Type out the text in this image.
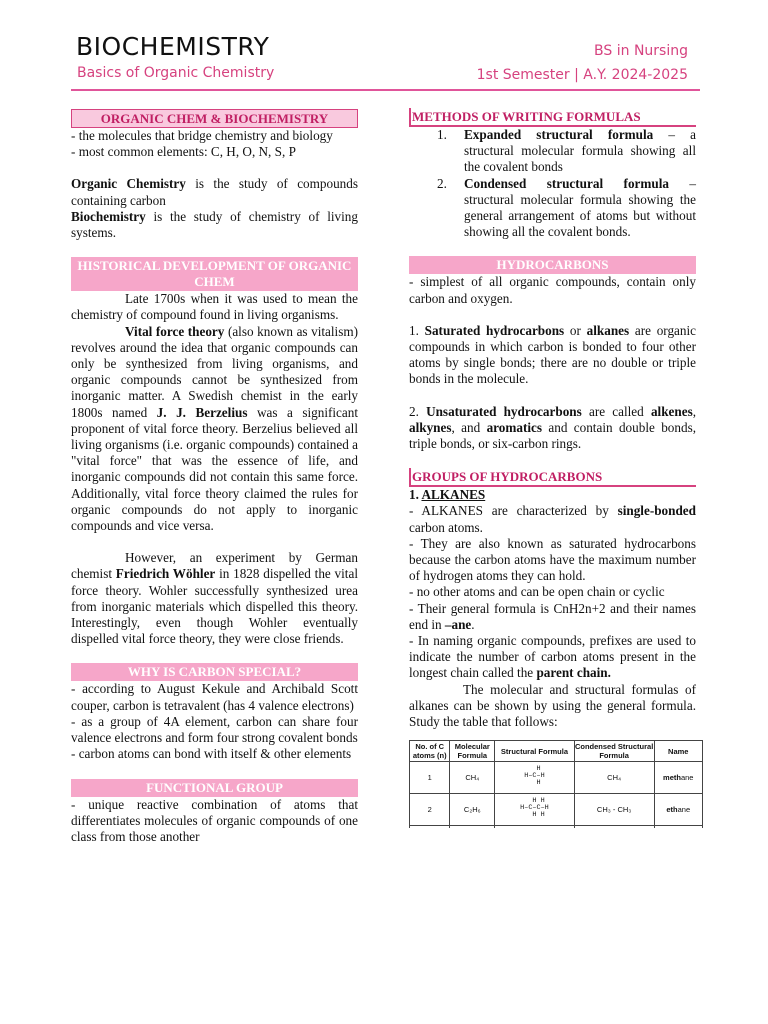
BIOCHEMISTRY
Basics of Organic Chemistry
BS in Nursing
1st Semester | A.Y. 2024-2025
ORGANIC CHEM & BIOCHEMISTRY

- the molecules that bridge chemistry and biology

- most common elements: C, H, O, N, S, P

Organic Chemistry is the study of compounds containing carbon

Biochemistry is the study of chemistry of living systems.

HISTORICAL DEVELOPMENT OF ORGANIC CHEM

Late 1700s when it was used to mean the chemistry of compound found in living organisms.

Vital force theory (also known as vitalism) revolves around the idea that organic compounds can only be synthesized from living organisms, and organic compounds cannot be synthesized from inorganic matter. A Swedish chemist in the early 1800s named J. J. Berzelius was a significant proponent of vital force theory. Berzelius believed all living organisms (i.e. organic compounds) contained a "vital force" that was the essence of life, and inorganic compounds did not contain this same force. Additionally, vital force theory claimed the rules for organic compounds do not apply to inorganic compounds and vice versa.

However, an experiment by German chemist Friedrich Wöhler in 1828 dispelled the vital force theory. Wohler successfully synthesized urea from inorganic materials which dispelled this theory. Interestingly, even though Wohler eventually dispelled vital force theory, they were close friends.

WHY IS CARBON SPECIAL?

- according to August Kekule and Archibald Scott couper, carbon is tetravalent (has 4 valence electrons)

- as a group of 4A element, carbon can share four valence electrons and form four strong covalent bonds

- carbon atoms can bond with itself & other elements

FUNCTIONAL GROUP

- unique reactive combination of atoms that differentiates molecules of organic compounds of one class from those another

METHODS OF WRITING FORMULAS
1. Expanded structural formula – a structural molecular formula showing all the covalent bonds
2. Condensed structural formula – structural molecular formula showing the general arrangement of atoms but without showing all the covalent bonds.
HYDROCARBONS

- simplest of all organic compounds, contain only carbon and oxygen.

1. Saturated hydrocarbons or alkanes are organic compounds in which carbon is bonded to four other atoms by single bonds; there are no double or triple bonds in the molecule.

2. Unsaturated hydrocarbons are called alkenes, alkynes, and aromatics and contain double bonds, triple bonds, or six-carbon rings.

GROUPS OF HYDROCARBONS

1. ALKANES

- ALKANES are characterized by single-bonded carbon atoms.

- They are also known as saturated hydrocarbons because the carbon atoms have the maximum number of hydrogen atoms they can hold.

- no other atoms and can be open chain or cyclic

- Their general formula is CnH2n+2 and their names end in –ane.

- In naming organic compounds, prefixes are used to indicate the number of carbon atoms present in the longest chain called the parent chain.

The molecular and structural formulas of alkanes can be shown by using the general formula. Study the table that follows:

No. of C atoms (n)	Molecular Formula	Structural Formula	Condensed Structural Formula	Name
1	CH₄	H
H–C–H
H	CH₄	methane
2	C₂H₆	H H
H–C–C–H
H H	CH₃ - CH₃	ethane
